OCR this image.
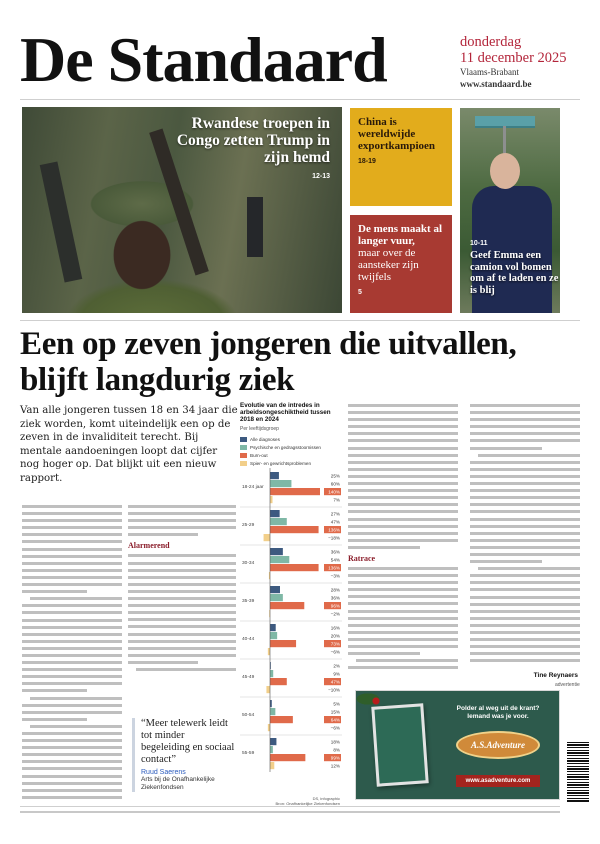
De Standaard	donderdag
11 december 2025
Vlaams-Brabant
www.standaard.be
Rwandese troepen in Congo zetten Trump in zijn hemd
12-13
China is wereldwijde exportkampioen
18-19
De mens maakt al langer vuur,
maar over de aansteker zijn twijfels
5
10-11
Geef Emma een camion vol bomen om af te laden en ze is blij
Een op zeven jongeren die uitvallen, blijft langdurig ziek

Van alle jongeren tussen 18 en 34 jaar die ziek worden, komt uiteindelijk een op de zeven in de invaliditeit terecht. Bij mentale aandoeningen loopt dat cijfer nog hoger op. Dat blijkt uit een nieuw rapport.

Alarmerend
Ratrace
Tine Reynaers
“Meer telewerk leidt tot minder begeleiding en sociaal contact”
Ruud Saerens
Arts bij de Onafhankelijke Ziekenfondsen
Evolutie van de intredes in arbeidsongeschiktheid tussen 2018 en 2024
Per leeftijdsgroep
Alle diagnoses
Psychische en gedragsstoornissen
Burn-out
Spier- en gewrichtsproblemen
18-24 jaar
25%
60%
140%
7%
25-29
27%
47%
136%
−18%
30-34
36%
54%
136%
−3%
35-39
28%
36%
96%
−2%
40-44
16%
20%
73%
−6%
45-49
2%
9%
47%
−10%
50-54
5%
15%
64%
−6%
55-59
18%
8%
99%
12%
DS, infographic
Bron: Onafhankelijke Ziekenfondsen
advertentie
Polder al weg uit de krant? Iemand was je voor.
A.S.Adventure
www.asadventure.com
